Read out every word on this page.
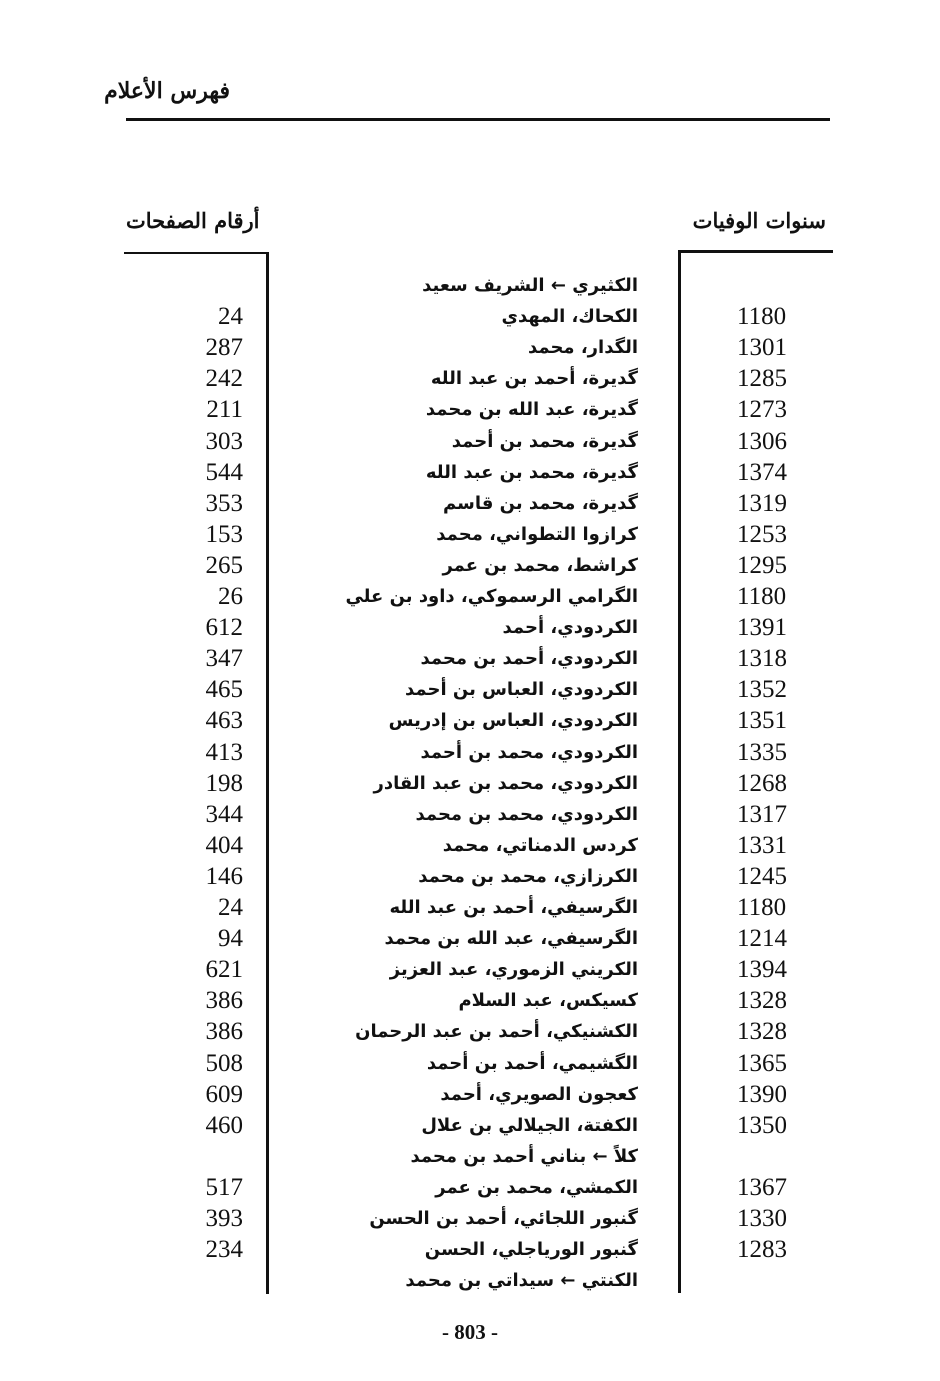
فهرس الأعلام
سنوات الوفيات
أرقام الصفحات
الكثيري ← الشريف سعيد
24	الكحاك، المهدي	1180
287	الگدار، محمد	1301
242	گديرة، أحمد بن عبد الله	1285
211	گديرة، عبد الله بن محمد	1273
303	گديرة، محمد بن أحمد	1306
544	گديرة، محمد بن عبد الله	1374
353	گديرة، محمد بن قاسم	1319
153	كرازوا التطواني، محمد	1253
265	كراشط، محمد بن عمر	1295
26	الگرامي الرسموكي، داود بن علي	1180
612	الكردودي، أحمد	1391
347	الكردودي، أحمد بن محمد	1318
465	الكردودي، العباس بن أحمد	1352
463	الكردودي، العباس بن إدريس	1351
413	الكردودي، محمد بن أحمد	1335
198	الكردودي، محمد بن عبد القادر	1268
344	الكردودي، محمد بن محمد	1317
404	كردس الدمناتي، محمد	1331
146	الكرزازي، محمد بن محمد	1245
24	الگرسيفي، أحمد بن عبد الله	1180
94	الگرسيفي، عبد الله بن محمد	1214
621	الكريني الزموري، عبد العزيز	1394
386	كسيكس، عبد السلام	1328
386	الكشنيكي، أحمد بن عبد الرحمان	1328
508	الگشيمي، أحمد بن أحمد	1365
609	كعجون الصويري، أحمد	1390
460	الكفتة، الجيلالي بن علال	1350
كلاً ← بناني أحمد بن محمد
517	الكمشي، محمد بن عمر	1367
393	گنبور اللجائي، أحمد بن الحسن	1330
234	گنبور الورياجلي، الحسن	1283
الكنتي ← سيداتي بن محمد
- 803 -
